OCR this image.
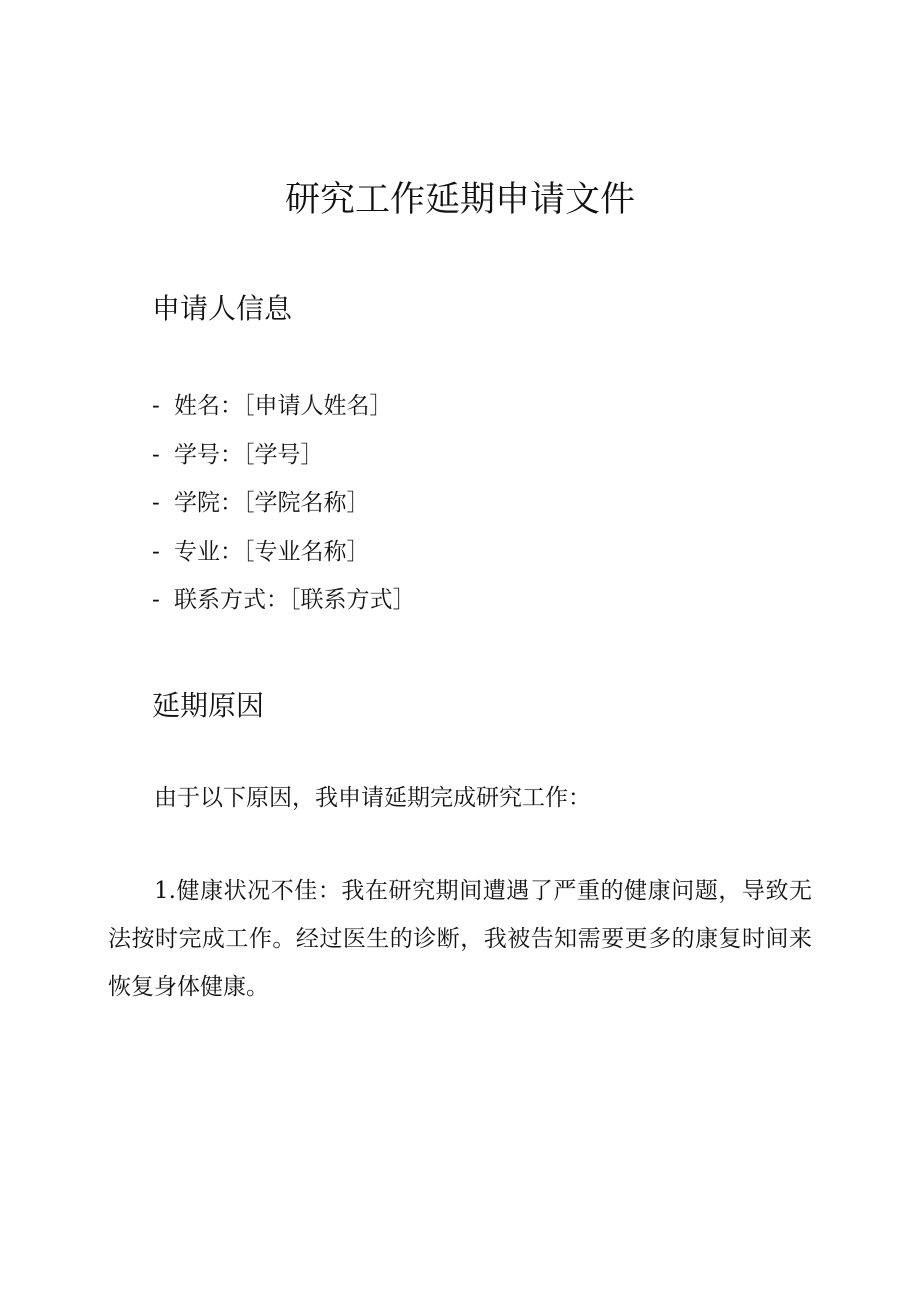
研究工作延期申请文件
申请人信息
- 姓名：［申请人姓名］
- 学号：［学号］
- 学院：［学院名称］
- 专业：［专业名称］
- 联系方式：［联系方式］
延期原因

由于以下原因，我申请延期完成研究工作：

1.健康状况不佳：我在研究期间遭遇了严重的健康问题，导致无法按时完成工作。经过医生的诊断，我被告知需要更多的康复时间来恢复身体健康。
